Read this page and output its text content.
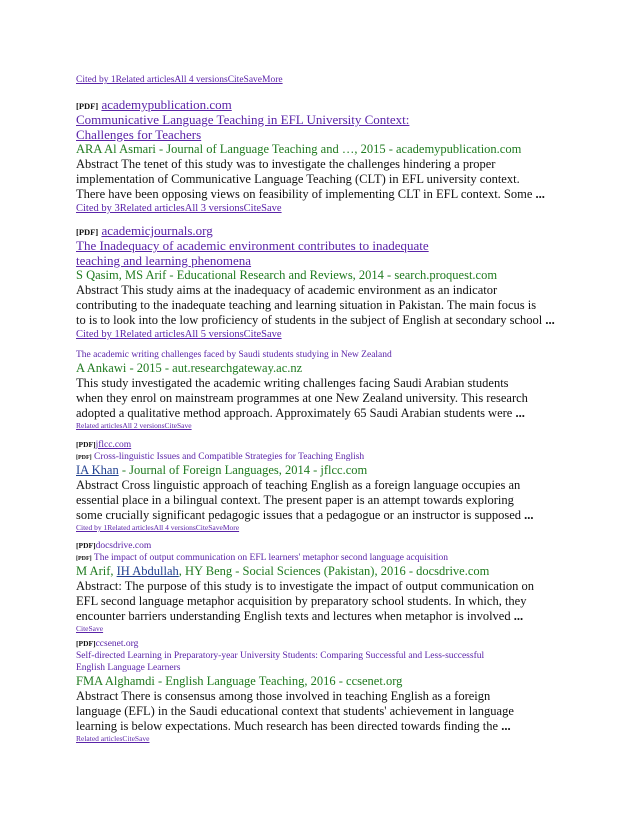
Cited by 1Related articlesAll 4 versionsCiteSaveMore
[PDF] academypublication.com
Communicative Language Teaching in EFL University Context:
Challenges for Teachers
ARA Al Asmari - Journal of Language Teaching and …, 2015 - academypublication.com
Abstract The tenet of this study was to investigate the challenges hindering a proper
implementation of Communicative Language Teaching (CLT) in EFL university context.
There have been opposing views on feasibility of implementing CLT in EFL context. Some ...
Cited by 3Related articlesAll 3 versionsCiteSave
[PDF] academicjournals.org
The Inadequacy of academic environment contributes to inadequate
teaching and learning phenomena
S Qasim, MS Arif - Educational Research and Reviews, 2014 - search.proquest.com
Abstract This study aims at the inadequacy of academic environment as an indicator
contributing to the inadequate teaching and learning situation in Pakistan. The main focus is
to is to look into the low proficiency of students in the subject of English at secondary school ...
Cited by 1Related articlesAll 5 versionsCiteSave
The academic writing challenges faced by Saudi students studying in New Zealand
A Ankawi - 2015 - aut.researchgateway.ac.nz
This study investigated the academic writing challenges facing Saudi Arabian students
when they enrol on mainstream programmes at one New Zealand university. This research
adopted a qualitative method approach. Approximately 65 Saudi Arabian students were ...
Related articlesAll 2 versionsCiteSave
[PDF]jflcc.com
[PDF] Cross-linguistic Issues and Compatible Strategies for Teaching English
IA Khan - Journal of Foreign Languages, 2014 - jflcc.com
Abstract Cross linguistic approach of teaching English as a foreign language occupies an
essential place in a bilingual context. The present paper is an attempt towards exploring
some crucially significant pedagogic issues that a pedagogue or an instructor is supposed ...
Cited by 1Related articlesAll 4 versionsCiteSaveMore
[PDF]docsdrive.com
[PDF] The impact of output communication on EFL learners' metaphor second language acquisition
M Arif, IH Abdullah, HY Beng - Social Sciences (Pakistan), 2016 - docsdrive.com
Abstract: The purpose of this study is to investigate the impact of output communication on
EFL second language metaphor acquisition by preparatory school students. In which, they
encounter barriers understanding English texts and lectures when metaphor is involved ...
CiteSave
[PDF]ccsenet.org
Self-directed Learning in Preparatory-year University Students: Comparing Successful and Less-successful
English Language Learners
FMA Alghamdi - English Language Teaching, 2016 - ccsenet.org
Abstract There is consensus among those involved in teaching English as a foreign
language (EFL) in the Saudi educational context that students' achievement in language
learning is below expectations. Much research has been directed towards finding the ...
Related articlesCiteSave
